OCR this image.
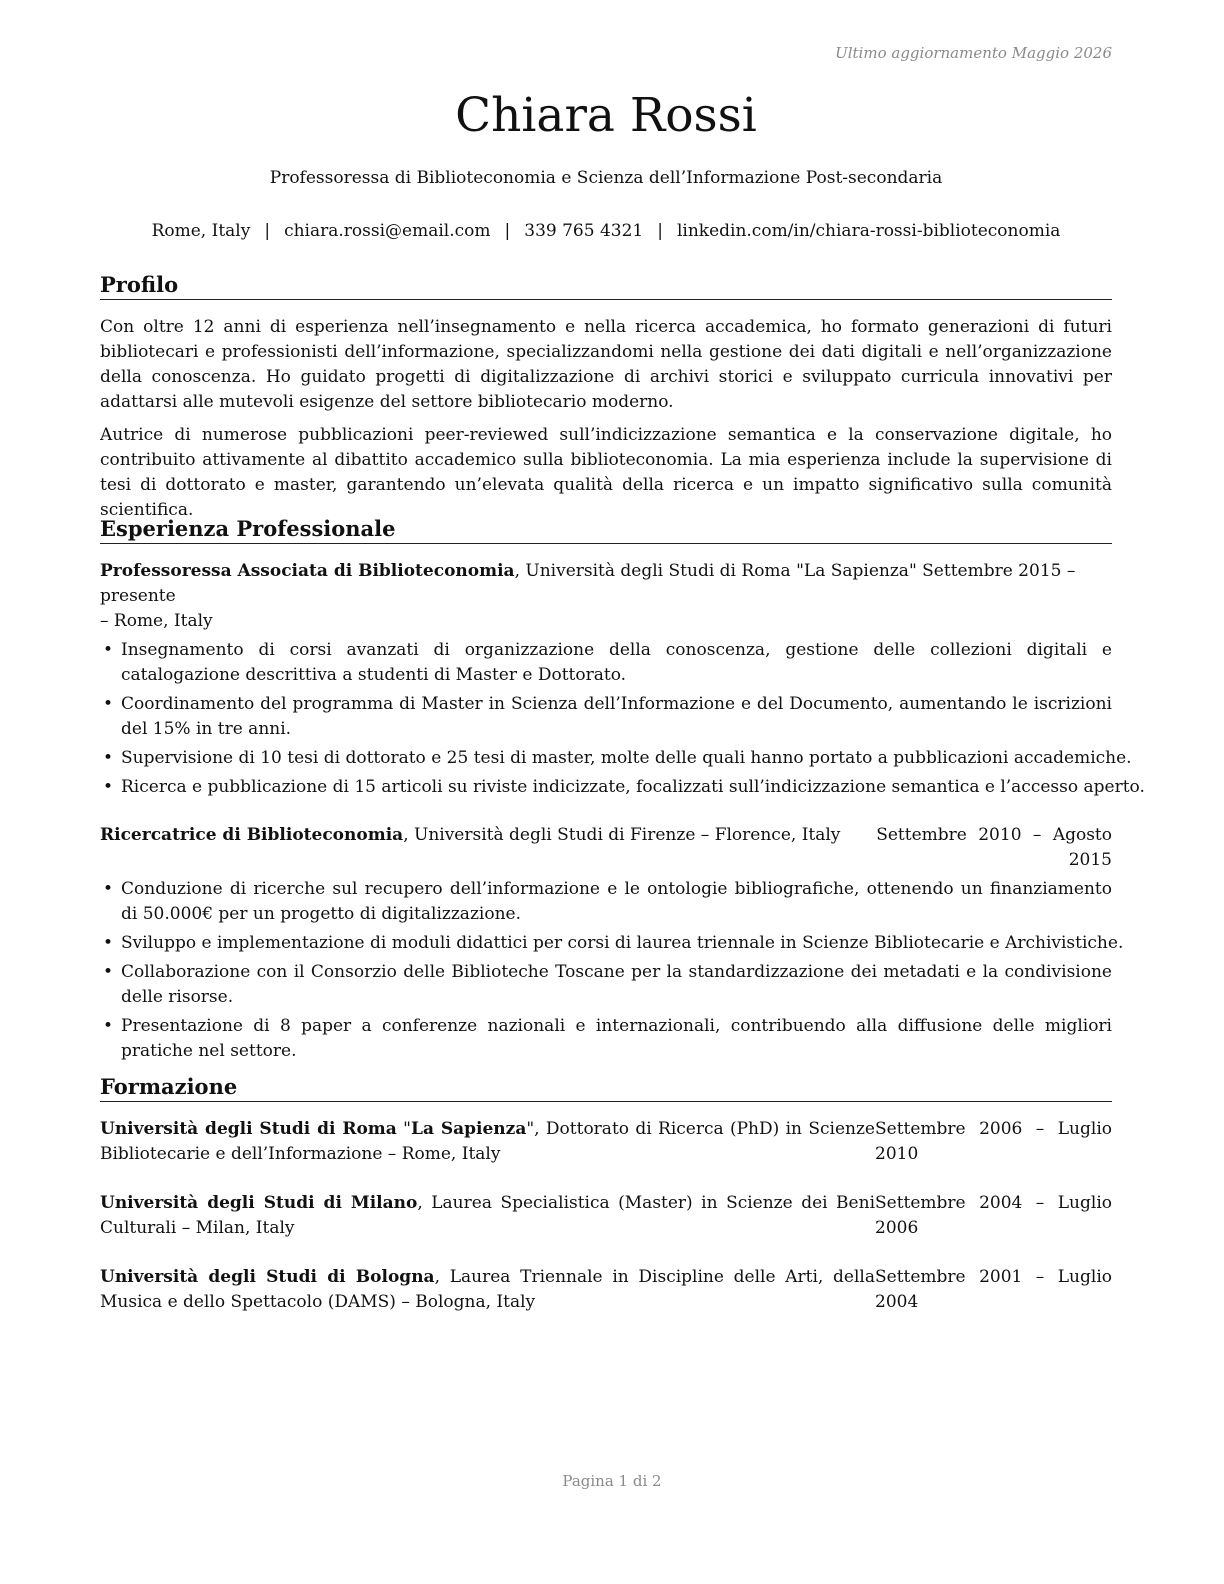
Ultimo aggiornamento Maggio 2026
Chiara Rossi
Professoressa di Biblioteconomia e Scienza dell’Informazione Post-secondaria
Rome, Italy | chiara.rossi@email.com | 339 765 4321 | linkedin.com/in/chiara-rossi-biblioteconomia
Profilo

Con oltre 12 anni di esperienza nell’insegnamento e nella ricerca accademica, ho formato generazioni di futuri bibliotecari e professionisti dell’informazione, specializzandomi nella gestione dei dati digitali e nell’organizzazione della conoscenza. Ho guidato progetti di digitalizzazione di archivi storici e sviluppato curricula innovativi per adattarsi alle mutevoli esigenze del settore bibliotecario moderno.

Autrice di numerose pubblicazioni peer-reviewed sull’indicizzazione semantica e la conservazione digitale, ho contribuito attivamente al dibattito accademico sulla biblioteconomia. La mia esperienza include la supervisione di tesi di dottorato e master, garantendo un’elevata qualità della ricerca e un impatto significativo sulla comunità scientifica.

Esperienza Professionale
Professoressa Associata di Biblioteconomia, Università degli Studi di Roma "La Sapienza" Settembre 2015 – presente
– Rome, Italy
• Insegnamento di corsi avanzati di organizzazione della conoscenza, gestione delle collezioni digitali e catalogazione descrittiva a studenti di Master e Dottorato.
• Coordinamento del programma di Master in Scienza dell’Informazione e del Documento, aumentando le iscrizioni del 15% in tre anni.
• Supervisione di 10 tesi di dottorato e 25 tesi di master, molte delle quali hanno portato a pubblicazioni accademiche.
• Ricerca e pubblicazione di 15 articoli su riviste indicizzate, focalizzati sull’indicizzazione semantica e l’accesso aperto.
Ricercatrice di Biblioteconomia, Università degli Studi di Firenze – Florence, Italy	Settembre 2010 – Agosto
2015
• Conduzione di ricerche sul recupero dell’informazione e le ontologie bibliografiche, ottenendo un finanziamento di 50.000€ per un progetto di digitalizzazione.
• Sviluppo e implementazione di moduli didattici per corsi di laurea triennale in Scienze Bibliotecarie e Archivistiche.
• Collaborazione con il Consorzio delle Biblioteche Toscane per la standardizzazione dei metadati e la condivisione delle risorse.
• Presentazione di 8 paper a conferenze nazionali e internazionali, contribuendo alla diffusione delle migliori pratiche nel settore.
Formazione
Università degli Studi di Roma "La Sapienza", Dottorato di Ricerca (PhD) in Scienze Bibliotecarie e dell’Informazione – Rome, Italy
Settembre 2006 – Luglio
2010
Università degli Studi di Milano, Laurea Specialistica (Master) in Scienze dei Beni Culturali – Milan, Italy
Settembre 2004 – Luglio
2006
Università degli Studi di Bologna, Laurea Triennale in Discipline delle Arti, della Musica e dello Spettacolo (DAMS) – Bologna, Italy
Settembre 2001 – Luglio
2004
Pagina 1 di 2
